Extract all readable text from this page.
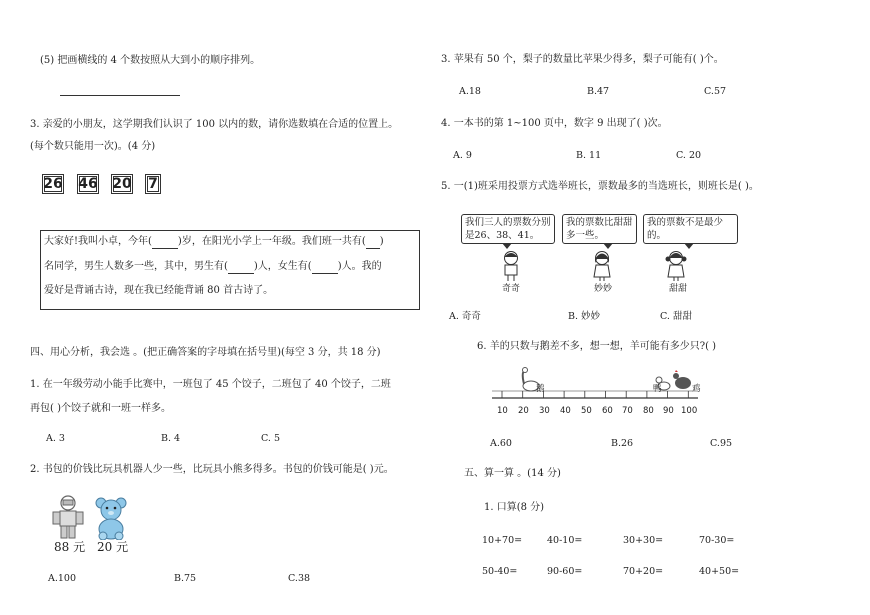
(5) 把画横线的 4 个数按照从大到小的顺序排列。
3. 亲爱的小朋友，这学期我们认识了 100 以内的数，请你选数填在合适的位置上。
(每个数只能用一次)。(4 分)
26 46 20 7
大家好!我叫小卓，今年(	)岁，在阳光小学上一年级。我们班一共有( )
名同学，男生人数多一些，其中，男生有(	)人，女生有(	)人。我的
爱好是背诵古诗，现在我已经能背诵 80 首古诗了。
四、用心分析，我会选 。(把正确答案的字母填在括号里)(每空 3 分，共 18 分)
1. 在一年级劳动小能手比赛中，一班包了 45 个饺子，二班包了 40 个饺子，二班
再包( )个饺子就和一班一样多。
A. 3	B. 4	C. 5
2. 书包的价钱比玩具机器人少一些，比玩具小熊多得多。书包的价钱可能是( )元。
88 元 20 元
A.100	B.75	C.38
3. 苹果有 50 个，梨子的数量比苹果少得多，梨子可能有( )个。
A.18	B.47	C.57
4. 一本书的第 1~100 页中，数字 9 出现了( )次。
A. 9	B. 11	C. 20
5. 一(1)班采用投票方式选举班长，票数最多的当选班长，则班长是( )。
我们三人的票数分别是26、38、41。
我的票数比甜甜多一些。
我的票数不是最少的。
奇奇	妙妙	甜甜
A. 奇奇	B. 妙妙	C. 甜甜
6. 羊的只数与鹅差不多，想一想，羊可能有多少只?( )
鹅	鸭	鸡
10 20 30 40 50 60 70 80 90 100
A.60	B.26	C.95
五、算一算 。(14 分)
1. 口算(8 分)
10+70=	40-10=	30+30=	70-30=
50-40=	90-60=	70+20=	40+50=
